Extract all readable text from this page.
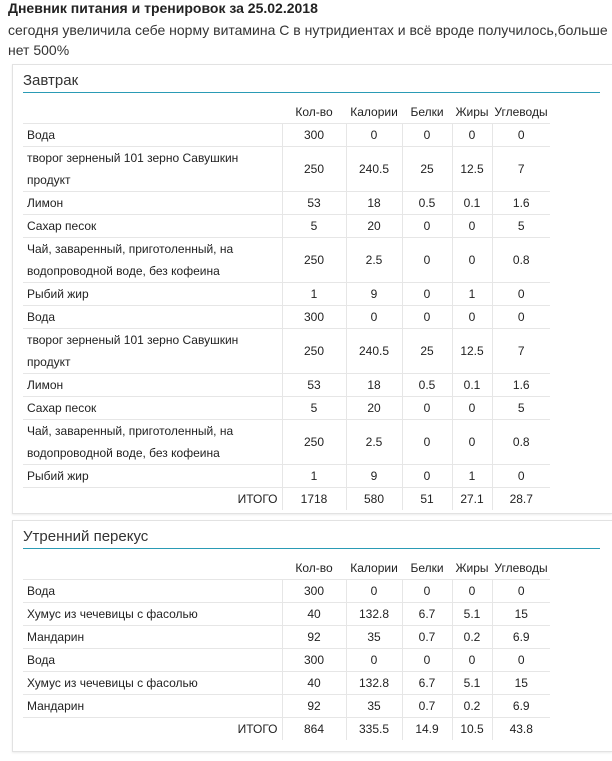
Дневник питания и тренировок за 25.02.2018

сегодня увеличила себе норму витамина С в нутридиентах и всё вроде получилось,больше нет 500%

Завтрак
	Кол-во	Калории	Белки	Жиры	Углеводы
Вода	300	0	0	0	0
творог зерненый 101 зерно Савушкин продукт	250	240.5	25	12.5	7
Лимон	53	18	0.5	0.1	1.6
Сахар песок	5	20	0	0	5
Чай, заваренный, приготоленный, на водопроводной воде, без кофеина	250	2.5	0	0	0.8
Рыбий жир	1	9	0	1	0
Вода	300	0	0	0	0
творог зерненый 101 зерно Савушкин продукт	250	240.5	25	12.5	7
Лимон	53	18	0.5	0.1	1.6
Сахар песок	5	20	0	0	5
Чай, заваренный, приготоленный, на водопроводной воде, без кофеина	250	2.5	0	0	0.8
Рыбий жир	1	9	0	1	0
ИТОГО	1718	580	51	27.1	28.7
Утренний перекус
	Кол-во	Калории	Белки	Жиры	Углеводы
Вода	300	0	0	0	0
Хумус из чечевицы с фасолью	40	132.8	6.7	5.1	15
Мандарин	92	35	0.7	0.2	6.9
Вода	300	0	0	0	0
Хумус из чечевицы с фасолью	40	132.8	6.7	5.1	15
Мандарин	92	35	0.7	0.2	6.9
ИТОГО	864	335.5	14.9	10.5	43.8
